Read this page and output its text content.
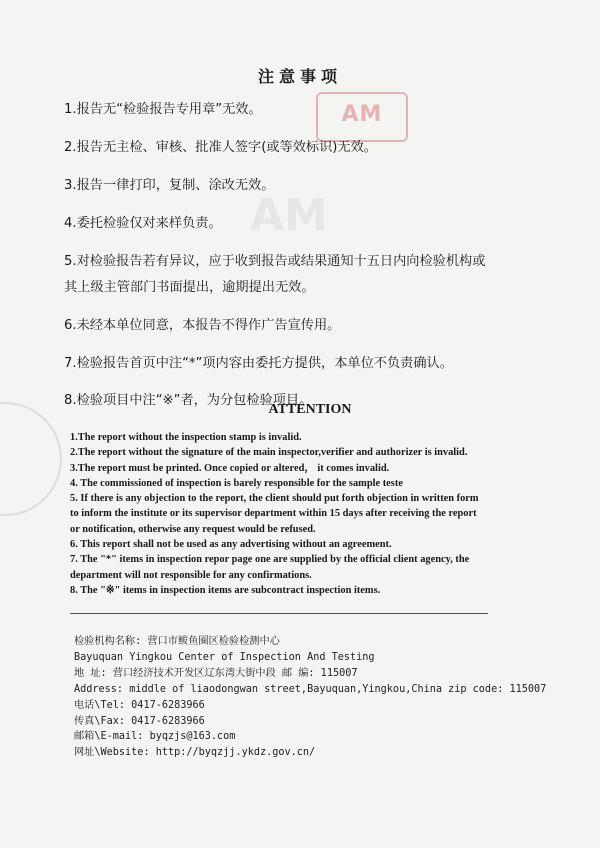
AM
AM
注意事项

1.报告无“检验报告专用章”无效。

2.报告无主检、审核、批准人签字(或等效标识)无效。

3.报告一律打印，复制、涂改无效。

4.委托检验仅对来样负责。

5.对检验报告若有异议，应于收到报告或结果通知十五日内向检验机构或

其上级主管部门书面提出，逾期提出无效。

6.未经本单位同意，本报告不得作广告宣传用。

7.检验报告首页中注“*”项内容由委托方提供，本单位不负责确认。

8.检验项目中注“※”者，为分包检验项目。

ATTENTION

1.The report without the inspection stamp is invalid.

2.The report without the signature of the main inspector,verifier and authorizer is invalid.

3.The report must be printed. Once copied or altered， it comes invalid.

4. The commissioned of inspection is barely responsible for the sample teste

5. If there is any objection to the report, the client should put forth objection in written form

to inform the institute or its supervisor department within 15 days after receiving the report

or notification, otherwise any request would be refused.

6. This report shall not be used as any advertising without an agreement.

7. The "*" items in inspection repor page one are supplied by the official client agency, the

department will not responsible for any confirmations.

8. The "※" items in inspection items are subcontract inspection items.

检验机构名称: 营口市鲅鱼圈区检验检测中心

Bayuquan Yingkou Center of Inspection And Testing

地 址: 营口经济技术开发区辽东湾大街中段 邮 编: 115007

Address: middle of liaodongwan street,Bayuquan,Yingkou,China zip code: 115007

电话\Tel: 0417-6283966

传真\Fax: 0417-6283966

邮箱\E-mail: byqzjs@163.com

网址\Website: http://byqzjj.ykdz.gov.cn/
